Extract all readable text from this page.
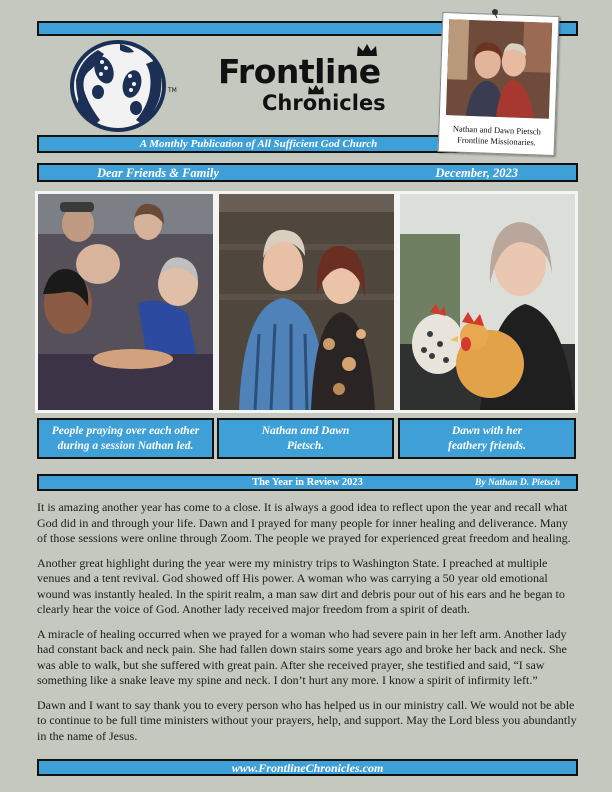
TM Frontline
Chronicles
A Monthly Publication of All Sufficient God Church
Nathan and Dawn Pietsch
Frontline Missionaries.
Dear Friends & Family	December, 2023
People praying over each other
during a session Nathan led.
Nathan and Dawn
Pietsch.
Dawn with her
feathery friends.
The Year in Review 2023	By Nathan D. Pietsch

It is amazing another year has come to a close. It is always a good idea to reflect upon the year and recall what God did in and through your life. Dawn and I prayed for many people for inner healing and deliverance. Many of those sessions were online through Zoom. The people we prayed for experienced great freedom and healing.

Another great highlight during the year were my ministry trips to Washington State. I preached at multiple venues and a tent revival. God showed off His power. A woman who was carrying a 50 year old emotional wound was instantly healed. In the spirit realm, a man saw dirt and debris pour out of his ears and he began to clearly hear the voice of God. Another lady received major freedom from a spirit of death.

A miracle of healing occurred when we prayed for a woman who had severe pain in her left arm. Another lady had constant back and neck pain. She had fallen down stairs some years ago and broke her back and neck. She was able to walk, but she suffered with great pain. After she received prayer, she testified and said, “I saw something like a snake leave my spine and neck. I don’t hurt any more. I know a spirit of infirmity left.”

Dawn and I want to say thank you to every person who has helped us in our ministry call. We would not be able to continue to be full time ministers without your prayers, help, and support. May the Lord bless you abundantly in the name of Jesus.

www.FrontlineChronicles.com
